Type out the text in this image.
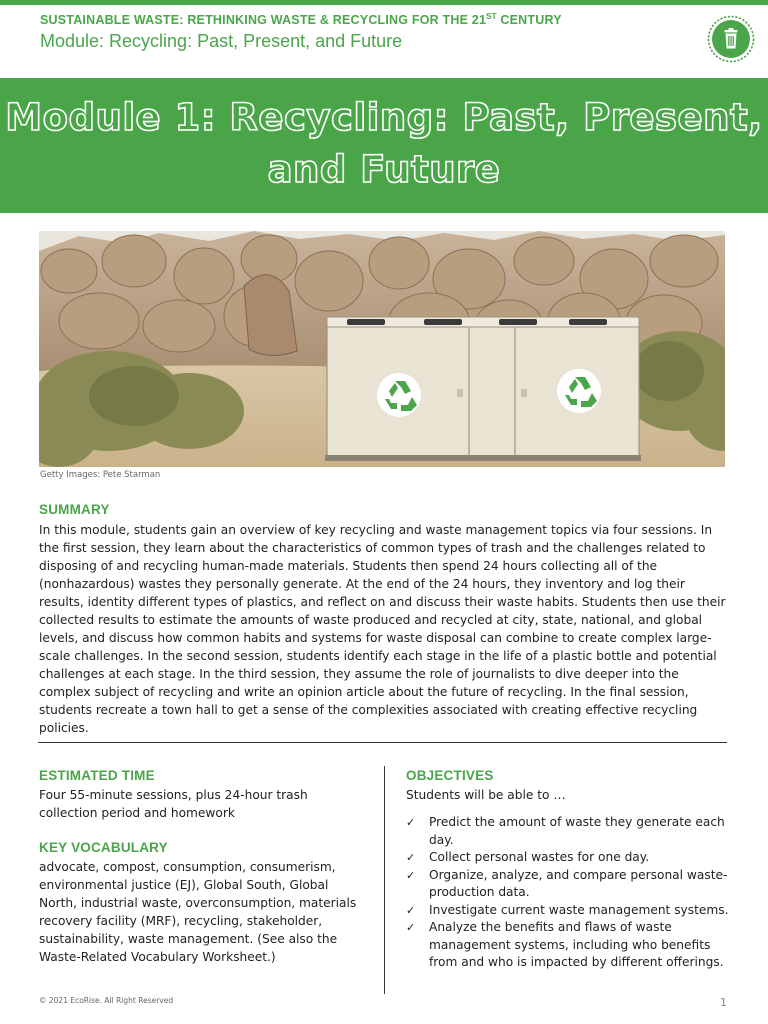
SUSTAINABLE WASTE: RETHINKING WASTE & RECYCLING FOR THE 21ST CENTURY
Module: Recycling: Past, Present, and Future
Module 1: Recycling: Past, Present,
and Future
Getty Images: Pete Starman
SUMMARY

In this module, students gain an overview of key recycling and waste management topics via four sessions. In the first session, they learn about the characteristics of common types of trash and the challenges related to disposing of and recycling human-made materials. Students then spend 24 hours collecting all of the (nonhazardous) wastes they personally generate. At the end of the 24 hours, they inventory and log their results, identity different types of plastics, and reflect on and discuss their waste habits. Students then use their collected results to estimate the amounts of waste produced and recycled at city, state, national, and global levels, and discuss how common habits and systems for waste disposal can combine to create complex large-scale challenges. In the second session, students identify each stage in the life of a plastic bottle and potential challenges at each stage. In the third session, they assume the role of journalists to dive deeper into the complex subject of recycling and write an opinion article about the future of recycling. In the final session, students recreate a town hall to get a sense of the complexities associated with creating effective recycling policies.

ESTIMATED TIME

Four 55-minute sessions, plus 24-hour trash collection period and homework

KEY VOCABULARY

advocate, compost, consumption, consumerism, environmental justice (EJ), Global South, Global North, industrial waste, overconsumption, materials recovery facility (MRF), recycling, stakeholder, sustainability, waste management. (See also the Waste-Related Vocabulary Worksheet.)

OBJECTIVES

Students will be able to …

✓ Predict the amount of waste they generate each day.
✓ Collect personal wastes for one day.
✓ Organize, analyze, and compare personal waste-production data.
✓ Investigate current waste management systems.
✓ Analyze the benefits and flaws of waste management systems, including who benefits from and who is impacted by different offerings.
© 2021 EcoRise. All Right Reserved	1
